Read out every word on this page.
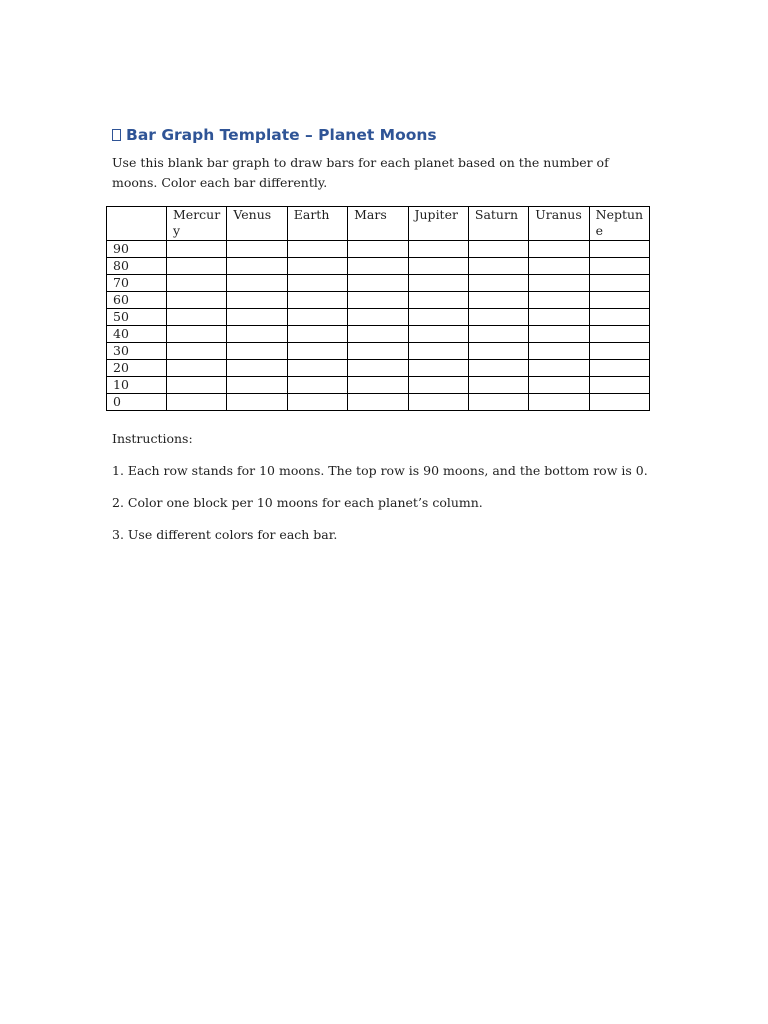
Bar Graph Template – Planet Moons

Use this blank bar graph to draw bars for each planet based on the number of moons. Color each bar differently.

	Mercury	Venus	Earth	Mars	Jupiter	Saturn	Uranus	Neptune
90								
80								
70								
60								
50								
40								
30								
20								
10								
0								

Instructions:

1. Each row stands for 10 moons. The top row is 90 moons, and the bottom row is 0.

2. Color one block per 10 moons for each planet’s column.

3. Use different colors for each bar.
